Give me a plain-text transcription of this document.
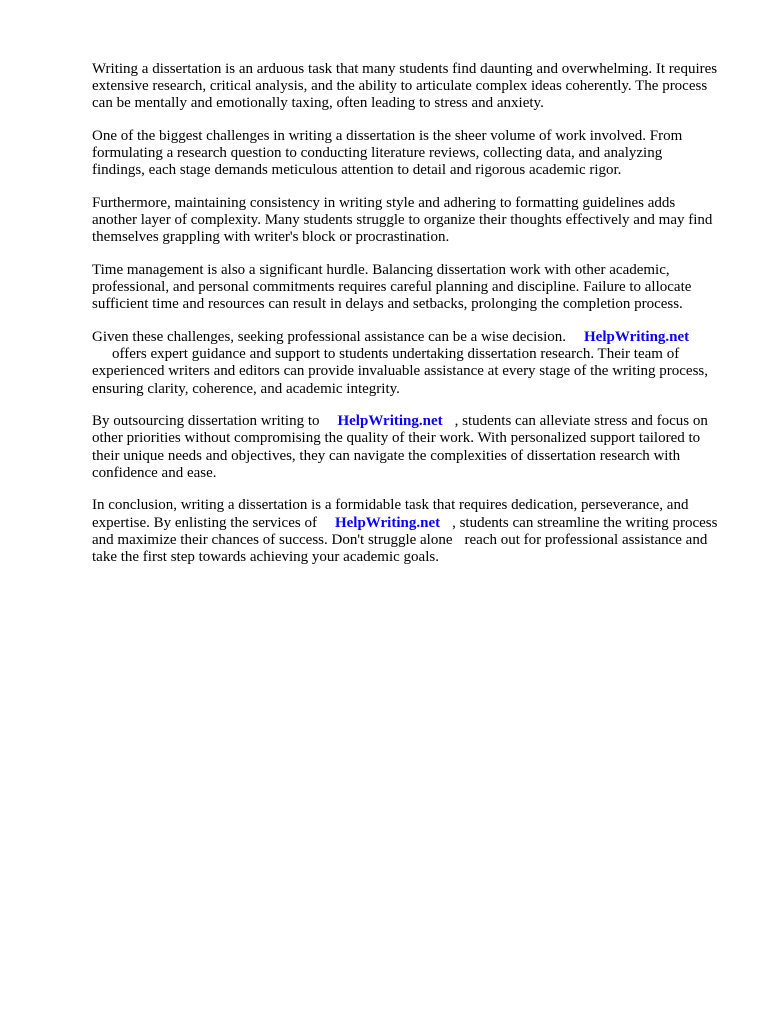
Writing a dissertation is an arduous task that many students find daunting and overwhelming. It requires extensive research, critical analysis, and the ability to articulate complex ideas coherently. The process can be mentally and emotionally taxing, often leading to stress and anxiety.

One of the biggest challenges in writing a dissertation is the sheer volume of work involved. From formulating a research question to conducting literature reviews, collecting data, and analyzing findings, each stage demands meticulous attention to detail and rigorous academic rigor.

Furthermore, maintaining consistency in writing style and adhering to formatting guidelines adds another layer of complexity. Many students struggle to organize their thoughts effectively and may find themselves grappling with writer's block or procrastination.

Time management is also a significant hurdle. Balancing dissertation work with other academic, professional, and personal commitments requires careful planning and discipline. Failure to allocate sufficient time and resources can result in delays and setbacks, prolonging the completion process.

Given these challenges, seeking professional assistance can be a wise decision. HelpWriting.net
offers expert guidance and support to students undertaking dissertation research. Their team of experienced writers and editors can provide invaluable assistance at every stage of the writing process, ensuring clarity, coherence, and academic integrity.

By outsourcing dissertation writing to HelpWriting.net , students can alleviate stress and focus on other priorities without compromising the quality of their work. With personalized support tailored to their unique needs and objectives, they can navigate the complexities of dissertation research with confidence and ease.

In conclusion, writing a dissertation is a formidable task that requires dedication, perseverance, and expertise. By enlisting the services of HelpWriting.net , students can streamline the writing process and maximize their chances of success. Don't struggle alone reach out for professional assistance and take the first step towards achieving your academic goals.
